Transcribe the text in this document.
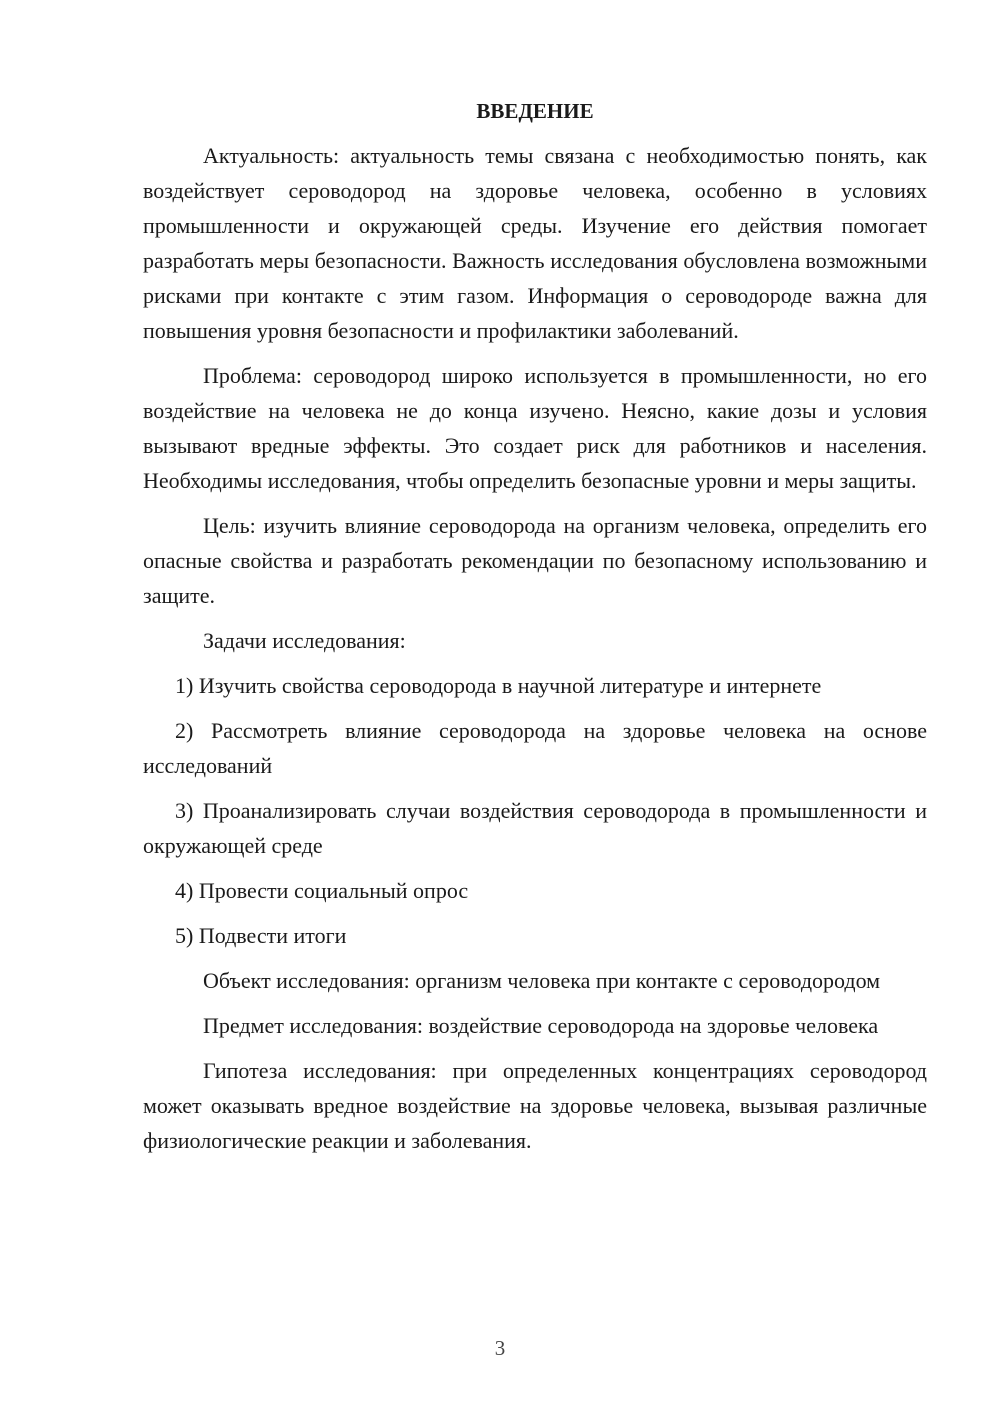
ВВЕДЕНИЕ

Актуальность: актуальность темы связана с необходимостью понять, как воздействует сероводород на здоровье человека, особенно в условиях промышленности и окружающей среды. Изучение его действия помогает разработать меры безопасности. Важность исследования обусловлена возможными рисками при контакте с этим газом. Информация о сероводороде важна для повышения уровня безопасности и профилактики заболеваний.

Проблема: сероводород широко используется в промышленности, но его воздействие на человека не до конца изучено. Неясно, какие дозы и условия вызывают вредные эффекты. Это создает риск для работников и населения. Необходимы исследования, чтобы определить безопасные уровни и меры защиты.

Цель: изучить влияние сероводорода на организм человека, определить его опасные свойства и разработать рекомендации по безопасному использованию и защите.

Задачи исследования:

1) Изучить свойства сероводорода в научной литературе и интернете

2) Рассмотреть влияние сероводорода на здоровье человека на основе исследований

3) Проанализировать случаи воздействия сероводорода в промышленности и окружающей среде

4) Провести социальный опрос

5) Подвести итоги

Объект исследования: организм человека при контакте с сероводородом

Предмет исследования: воздействие сероводорода на здоровье человека

Гипотеза исследования: при определенных концентрациях сероводород может оказывать вредное воздействие на здоровье человека, вызывая различные физиологические реакции и заболевания.

3
